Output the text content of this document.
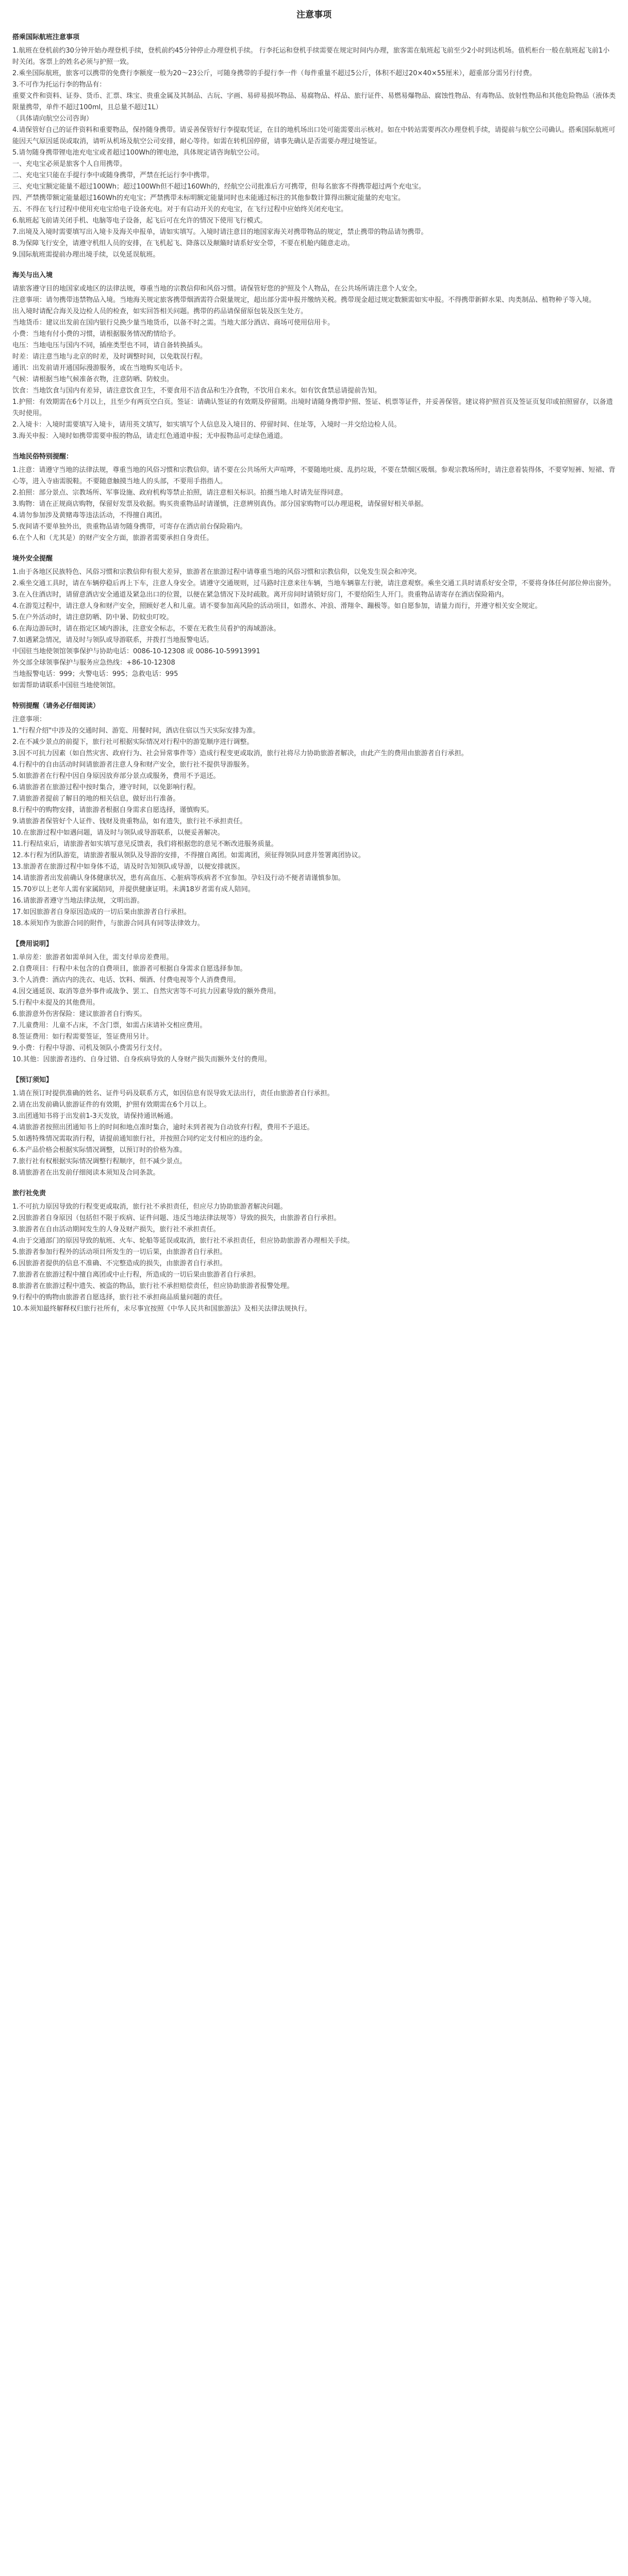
注意事项
搭乘国际航班注意事项
1.航班在登机前约30分钟开始办理登机手续，登机前约45分钟停止办理登机手续。 行李托运和登机手续需要在规定时间内办理，旅客需在航班起飞前至少2小时到达机场。值机柜台一般在航班起飞前1小时关闭。客票上的姓名必须与护照一致。
2.乘坐国际航班，旅客可以携带的免费行李额度一般为20～23公斤，可随身携带的手提行李一件（每件重量不超过5公斤，体积不超过20×40×55厘米），超重部分需另行付费。
3.不可作为托运行李的物品有：
重要文件和资料、证券、货币、汇票、珠宝、贵重金属及其制品、古玩、字画、易碎易损坏物品、易腐物品、样品、旅行证件、易燃易爆物品、腐蚀性物品、有毒物品、放射性物品和其他危险物品（液体类限量携带，单件不超过100ml，且总量不超过1L）
（具体请向航空公司咨询）
4.请保管好自己的证件资料和重要物品，保持随身携带。请妥善保管好行李提取凭证，在目的地机场出口处可能需要出示核对。如在中转站需要再次办理登机手续，请提前与航空公司确认。搭乘国际航班可能因天气原因延误或取消，请听从机场及航空公司安排，耐心等待。如需在转机国停留，请事先确认是否需要办理过境签证。
5.请勿随身携带锂电池充电宝或者超过100Wh的锂电池，具体规定请咨询航空公司。
一、充电宝必须是旅客个人自用携带。
二、充电宝只能在手提行李中或随身携带，严禁在托运行李中携带。
三、充电宝额定能量不超过100Wh；超过100Wh但不超过160Wh的，经航空公司批准后方可携带，但每名旅客不得携带超过两个充电宝。
四、严禁携带额定能量超过160Wh的充电宝；严禁携带未标明额定能量同时也未能通过标注的其他参数计算得出额定能量的充电宝。
五、不得在飞行过程中使用充电宝给电子设备充电。对于有启动开关的充电宝，在飞行过程中应始终关闭充电宝。
6.航班起飞前请关闭手机、电脑等电子设备，起飞后可在允许的情况下使用飞行模式。
7.出境及入境时需要填写出入境卡及海关申报单，请如实填写。入境时请注意目的地国家海关对携带物品的规定，禁止携带的物品请勿携带。
8.为保障飞行安全，请遵守机组人员的安排，在飞机起飞、降落以及颠簸时请系好安全带，不要在机舱内随意走动。
9.国际航班需提前办理出境手续，以免延误航班。
海关与出入境
请旅客遵守目的地国家或地区的法律法规，尊重当地的宗教信仰和风俗习惯。请保管好您的护照及个人物品，在公共场所请注意个人安全。
注意事项：请勿携带违禁物品入境。当地海关规定旅客携带烟酒需符合限量规定，超出部分需申报并缴纳关税。携带现金超过规定数额需如实申报。不得携带新鲜水果、肉类制品、植物种子等入境。
出入境时请配合海关及边检人员的检查，如实回答相关问题。携带的药品请保留原包装及医生处方。
当地货币：建议出发前在国内银行兑换少量当地货币，以备不时之需。当地大部分酒店、商场可使用信用卡。
小费：当地有付小费的习惯，请根据服务情况酌情给予。
电压：当地电压与国内不同，插座类型也不同，请自备转换插头。
时差：请注意当地与北京的时差，及时调整时间，以免耽误行程。
通讯：出发前请开通国际漫游服务，或在当地购买电话卡。
气候：请根据当地气候准备衣物，注意防晒、防蚊虫。
饮食：当地饮食与国内有差异，请注意饮食卫生，不要食用不洁食品和生冷食物，不饮用自来水。如有饮食禁忌请提前告知。
1.护照：有效期需在6个月以上，且至少有两页空白页。签证：请确认签证的有效期及停留期。出境时请随身携带护照、签证、机票等证件，并妥善保管。建议将护照首页及签证页复印或拍照留存，以备遗失时使用。
2.入境卡：入境时需要填写入境卡，请用英文填写，如实填写个人信息及入境目的、停留时间、住址等，入境时一并交给边检人员。
3.海关申报：入境时如携带需要申报的物品，请走红色通道申报；无申报物品可走绿色通道。
当地民俗特别提醒：
1.注意：请遵守当地的法律法规，尊重当地的风俗习惯和宗教信仰。请不要在公共场所大声喧哗，不要随地吐痰、乱扔垃圾，不要在禁烟区吸烟。参观宗教场所时，请注意着装得体，不要穿短裤、短裙、背心等，进入寺庙需脱鞋。不要随意触摸当地人的头部，不要用手指指人。
2.拍照：部分景点、宗教场所、军事设施、政府机构等禁止拍照，请注意相关标识。拍摄当地人时请先征得同意。
3.购物：请在正规商店购物，保留好发票及收据。购买贵重物品时请谨慎，注意辨别真伪。部分国家购物可以办理退税，请保留好相关单据。
4.请勿参加涉及黄赌毒等违法活动，不得擅自离团。
5.夜间请不要单独外出，贵重物品请勿随身携带，可寄存在酒店前台保险箱内。
6.在个人和（尤其是）的财产安全方面，旅游者需要承担自身责任。
境外安全提醒
1.由于各地区民族特色、风俗习惯和宗教信仰有很大差异，旅游者在旅游过程中请尊重当地的风俗习惯和宗教信仰，以免发生误会和冲突。
2.乘坐交通工具时，请在车辆停稳后再上下车，注意人身安全。请遵守交通规则，过马路时注意来往车辆，当地车辆靠左行驶，请注意观察。乘坐交通工具时请系好安全带，不要将身体任何部位伸出窗外。
3.在入住酒店时，请留意酒店安全通道及紧急出口的位置，以便在紧急情况下及时疏散。离开房间时请锁好房门，不要给陌生人开门。贵重物品请寄存在酒店保险箱内。
4.在游览过程中，请注意人身和财产安全，照顾好老人和儿童。请不要参加高风险的活动项目，如潜水、冲浪、滑翔伞、蹦极等。如自愿参加，请量力而行，并遵守相关安全规定。
5.在户外活动时，请注意防晒、防中暑、防蚊虫叮咬。
6.在海边游玩时，请在指定区域内游泳，注意安全标志，不要在无救生员看护的海域游泳。
7.如遇紧急情况，请及时与领队或导游联系，并拨打当地报警电话。
中国驻当地使领馆领事保护与协助电话：0086-10-12308 或 0086-10-59913991
外交部全球领事保护与服务应急热线：+86-10-12308
当地报警电话：999；火警电话：995；急救电话：995
如需帮助请联系中国驻当地使领馆。
特别提醒（请务必仔细阅读）
注意事项：
1."行程介绍"中涉及的交通时间、游览、用餐时间，酒店住宿以当天实际安排为准。
2.在不减少景点的前提下，旅行社可根据实际情况对行程中的游览顺序进行调整。
3.因不可抗力因素（如自然灾害、政府行为、社会异常事件等）造成行程变更或取消，旅行社将尽力协助旅游者解决，由此产生的费用由旅游者自行承担。
4.行程中的自由活动时间请旅游者注意人身和财产安全，旅行社不提供导游服务。
5.如旅游者在行程中因自身原因放弃部分景点或服务，费用不予退还。
6.请旅游者在旅游过程中按时集合，遵守时间，以免影响行程。
7.请旅游者提前了解目的地的相关信息，做好出行准备。
8.行程中的购物安排，请旅游者根据自身需求自愿选择，谨慎购买。
9.请旅游者保管好个人证件、钱财及贵重物品，如有遗失，旅行社不承担责任。
10.在旅游过程中如遇问题，请及时与领队或导游联系，以便妥善解决。
11.行程结束后，请旅游者如实填写意见反馈表，我们将根据您的意见不断改进服务质量。
12.本行程为团队游览，请旅游者服从领队及导游的安排，不得擅自离团。如需离团，须征得领队同意并签署离团协议。
13.旅游者在旅游过程中如身体不适，请及时告知领队或导游，以便安排就医。
14.请旅游者出发前确认身体健康状况，患有高血压、心脏病等疾病者不宜参加。孕妇及行动不便者请谨慎参加。
15.70岁以上老年人需有家属陪同，并提供健康证明。未满18岁者需有成人陪同。
16.请旅游者遵守当地法律法规，文明出游。
17.如因旅游者自身原因造成的一切后果由旅游者自行承担。
18.本须知作为旅游合同的附件，与旅游合同具有同等法律效力。
【费用说明】
1.单房差：旅游者如需单间入住，需支付单房差费用。
2.自费项目：行程中未包含的自费项目，旅游者可根据自身需求自愿选择参加。
3.个人消费：酒店内的洗衣、电话、饮料、烟酒、付费电视等个人消费费用。
4.因交通延误、取消等意外事件或战争、罢工、自然灾害等不可抗力因素导致的额外费用。
5.行程中未提及的其他费用。
6.旅游意外伤害保险：建议旅游者自行购买。
7.儿童费用：儿童不占床，不含门票，如需占床请补交相应费用。
8.签证费用：如行程需要签证，签证费用另计。
9.小费：行程中导游、司机及领队小费需另行支付。
10.其他：因旅游者违约、自身过错、自身疾病导致的人身财产损失而额外支付的费用。
【预订须知】
1.请在预订时提供准确的姓名、证件号码及联系方式，如因信息有误导致无法出行，责任由旅游者自行承担。
2.请在出发前确认旅游证件的有效期，护照有效期需在6个月以上。
3.出团通知书将于出发前1-3天发放，请保持通讯畅通。
4.请旅游者按照出团通知书上的时间和地点准时集合，逾时未到者视为自动放弃行程，费用不予退还。
5.如遇特殊情况需取消行程，请提前通知旅行社，并按照合同约定支付相应的违约金。
6.本产品价格会根据实际情况调整，以预订时的价格为准。
7.旅行社有权根据实际情况调整行程顺序，但不减少景点。
8.请旅游者在出发前仔细阅读本须知及合同条款。
旅行社免责
1.不可抗力原因导致的行程变更或取消，旅行社不承担责任，但应尽力协助旅游者解决问题。
2.因旅游者自身原因（包括但不限于疾病、证件问题、违反当地法律法规等）导致的损失，由旅游者自行承担。
3.旅游者在自由活动期间发生的人身及财产损失，旅行社不承担责任。
4.由于交通部门的原因导致的航班、火车、轮船等延误或取消，旅行社不承担责任，但应协助旅游者办理相关手续。
5.旅游者参加行程外的活动项目所发生的一切后果，由旅游者自行承担。
6.因旅游者提供的信息不准确、不完整造成的损失，由旅游者自行承担。
7.旅游者在旅游过程中擅自离团或中止行程，所造成的一切后果由旅游者自行承担。
8.旅游者在旅游过程中遗失、被盗的物品，旅行社不承担赔偿责任，但应协助旅游者报警处理。
9.行程中的购物由旅游者自愿选择，旅行社不承担商品质量问题的责任。
10.本须知最终解释权归旅行社所有，未尽事宜按照《中华人民共和国旅游法》及相关法律法规执行。
